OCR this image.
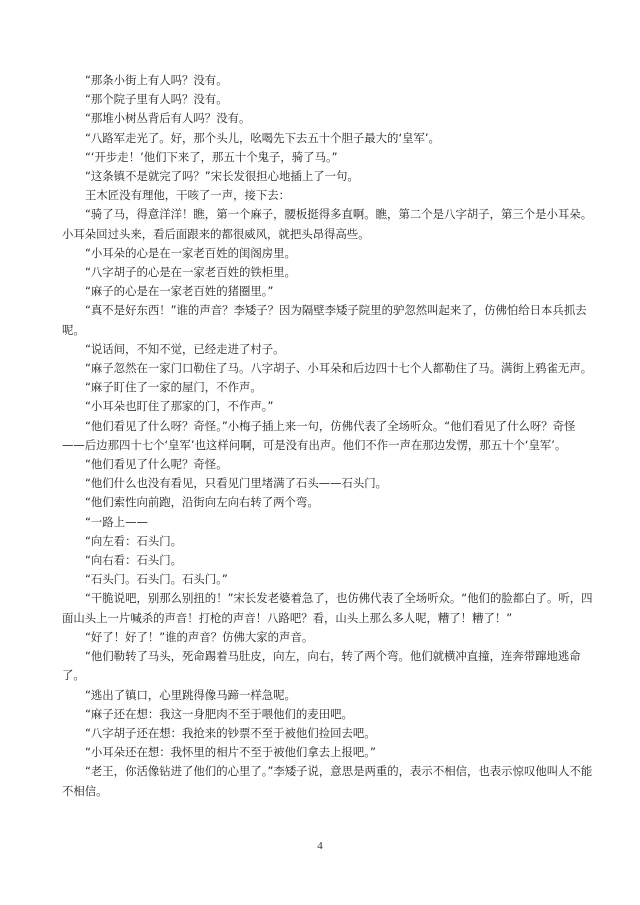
“那条小街上有人吗？没有。

“那个院子里有人吗？没有。

“那堆小树丛背后有人吗？没有。

“八路军走光了。好，那个头儿，吆喝先下去五十个胆子最大的‘皇军’。

“‘开步走！’他们下来了，那五十个鬼子，骑了马。”

“这条镇不是就完了吗？”宋长发很担心地插上了一句。

王木匠没有理他，干咳了一声，接下去：

“骑了马，得意洋洋！瞧，第一个麻子，腰板挺得多直啊。瞧，第二个是八字胡子，第三个是小耳朵。小耳朵回过头来，看后面跟来的都很威风，就把头昂得高些。

“小耳朵的心是在一家老百姓的闺阁房里。

“八字胡子的心是在一家老百姓的铁柜里。

“麻子的心是在一家老百姓的猪圈里。”

“真不是好东西！”谁的声音？李矮子？因为隔壁李矮子院里的驴忽然叫起来了，仿佛怕给日本兵抓去呢。

“说话间，不知不觉，已经走进了村子。

“麻子忽然在一家门口勒住了马。八字胡子、小耳朵和后边四十七个人都勒住了马。满街上鸦雀无声。

“麻子盯住了一家的屋门，不作声。

“小耳朵也盯住了那家的门，不作声。”

“他们看见了什么呀？奇怪。”小梅子插上来一句，仿佛代表了全场听众。“他们看见了什么呀？奇怪——后边那四十七个‘皇军’也这样问啊，可是没有出声。他们不作一声在那边发愣，那五十个‘皇军’。

“他们看见了什么呢？奇怪。

“他们什么也没有看见，只看见门里堵满了石头——石头门。

“他们索性向前跑，沿街向左向右转了两个弯。

“一路上——

“向左看：石头门。

“向右看：石头门。

“石头门。石头门。石头门。”

“干脆说吧，别那么别扭的！”宋长发老婆着急了，也仿佛代表了全场听众。“他们的脸都白了。听，四面山头上一片喊杀的声音！打枪的声音！八路吧？看，山头上那么多人呢，糟了！糟了！”

“好了！好了！”谁的声音？仿佛大家的声音。

“他们勒转了马头，死命踢着马肚皮，向左，向右，转了两个弯。他们就横冲直撞，连奔带蹿地逃命了。

“逃出了镇口，心里跳得像马蹄一样急呢。

“麻子还在想：我这一身肥肉不至于喂他们的麦田吧。

“八字胡子还在想：我抢来的钞票不至于被他们捡回去吧。

“小耳朵还在想：我怀里的相片不至于被他们拿去上报吧。”

“老王，你活像钻进了他们的心里了。”李矮子说，意思是两重的，表示不相信，也表示惊叹他叫人不能不相信。

4
